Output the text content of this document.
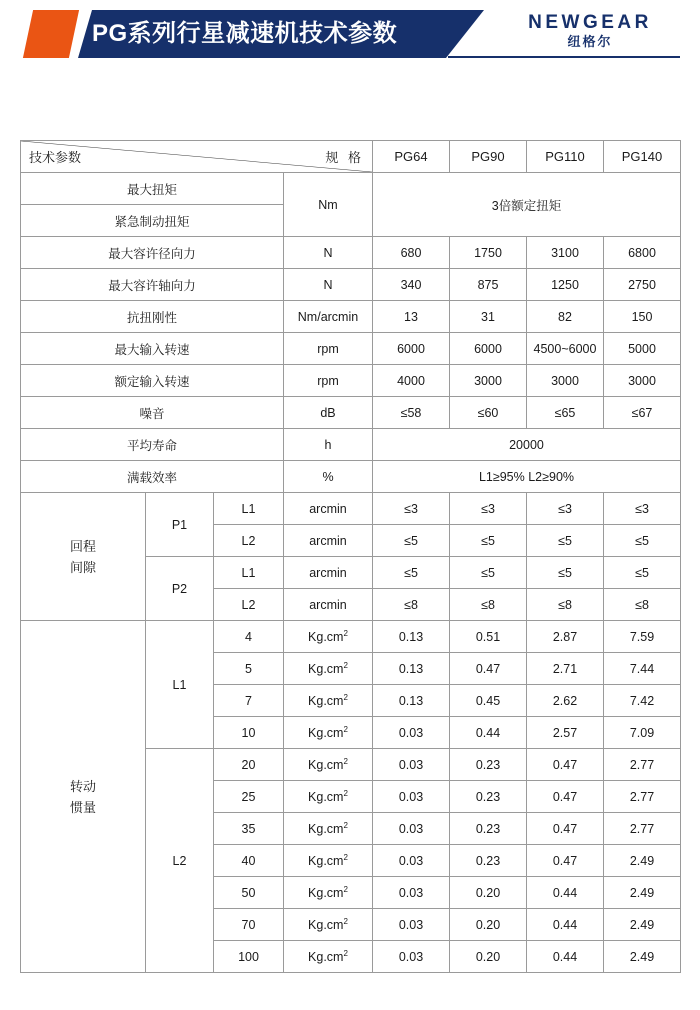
PG系列行星减速机技术参数	NEWGEAR
纽格尔
规 格
技术参数				PG64	PG90	PG110	PG140
最大扭矩			Nm	3倍额定扭矩			
紧急制动扭矩							
最大容许径向力			N	680	1750	3100	6800
最大容许轴向力			N	340	875	1250	2750
抗扭刚性			Nm/arcmin	13	31	82	150
最大输入转速			rpm	6000	6000	4500~6000	5000
额定输入转速			rpm	4000	3000	3000	3000
噪音			dB	≤58	≤60	≤65	≤67
平均寿命			h	20000			
满载效率			%	L1≥95% L2≥90%			

回程
间隙	P1	L1	arcmin	≤3	≤3	≤3	≤3
		L2	arcmin	≤5	≤5	≤5	≤5
	P2	L1	arcmin	≤5	≤5	≤5	≤5
		L2	arcmin	≤8	≤8	≤8	≤8

转动
惯量	L1	4	$Kg.cm^2$	0.13	0.51	2.87	7.59
		5	$Kg.cm^2$	0.13	0.47	2.71	7.44
		7	$Kg.cm^2$	0.13	0.45	2.62	7.42
		10	$Kg.cm^2$	0.03	0.44	2.57	7.09
	L2	20	$Kg.cm^2$	0.03	0.23	0.47	2.77
		25	$Kg.cm^2$	0.03	0.23	0.47	2.77
		35	$Kg.cm^2$	0.03	0.23	0.47	2.77
		40	$Kg.cm^2$	0.03	0.23	0.47	2.49
		50	$Kg.cm^2$	0.03	0.20	0.44	2.49
		70	$Kg.cm^2$	0.03	0.20	0.44	2.49
		100	$Kg.cm^2$	0.03	0.20	0.44	2.49
